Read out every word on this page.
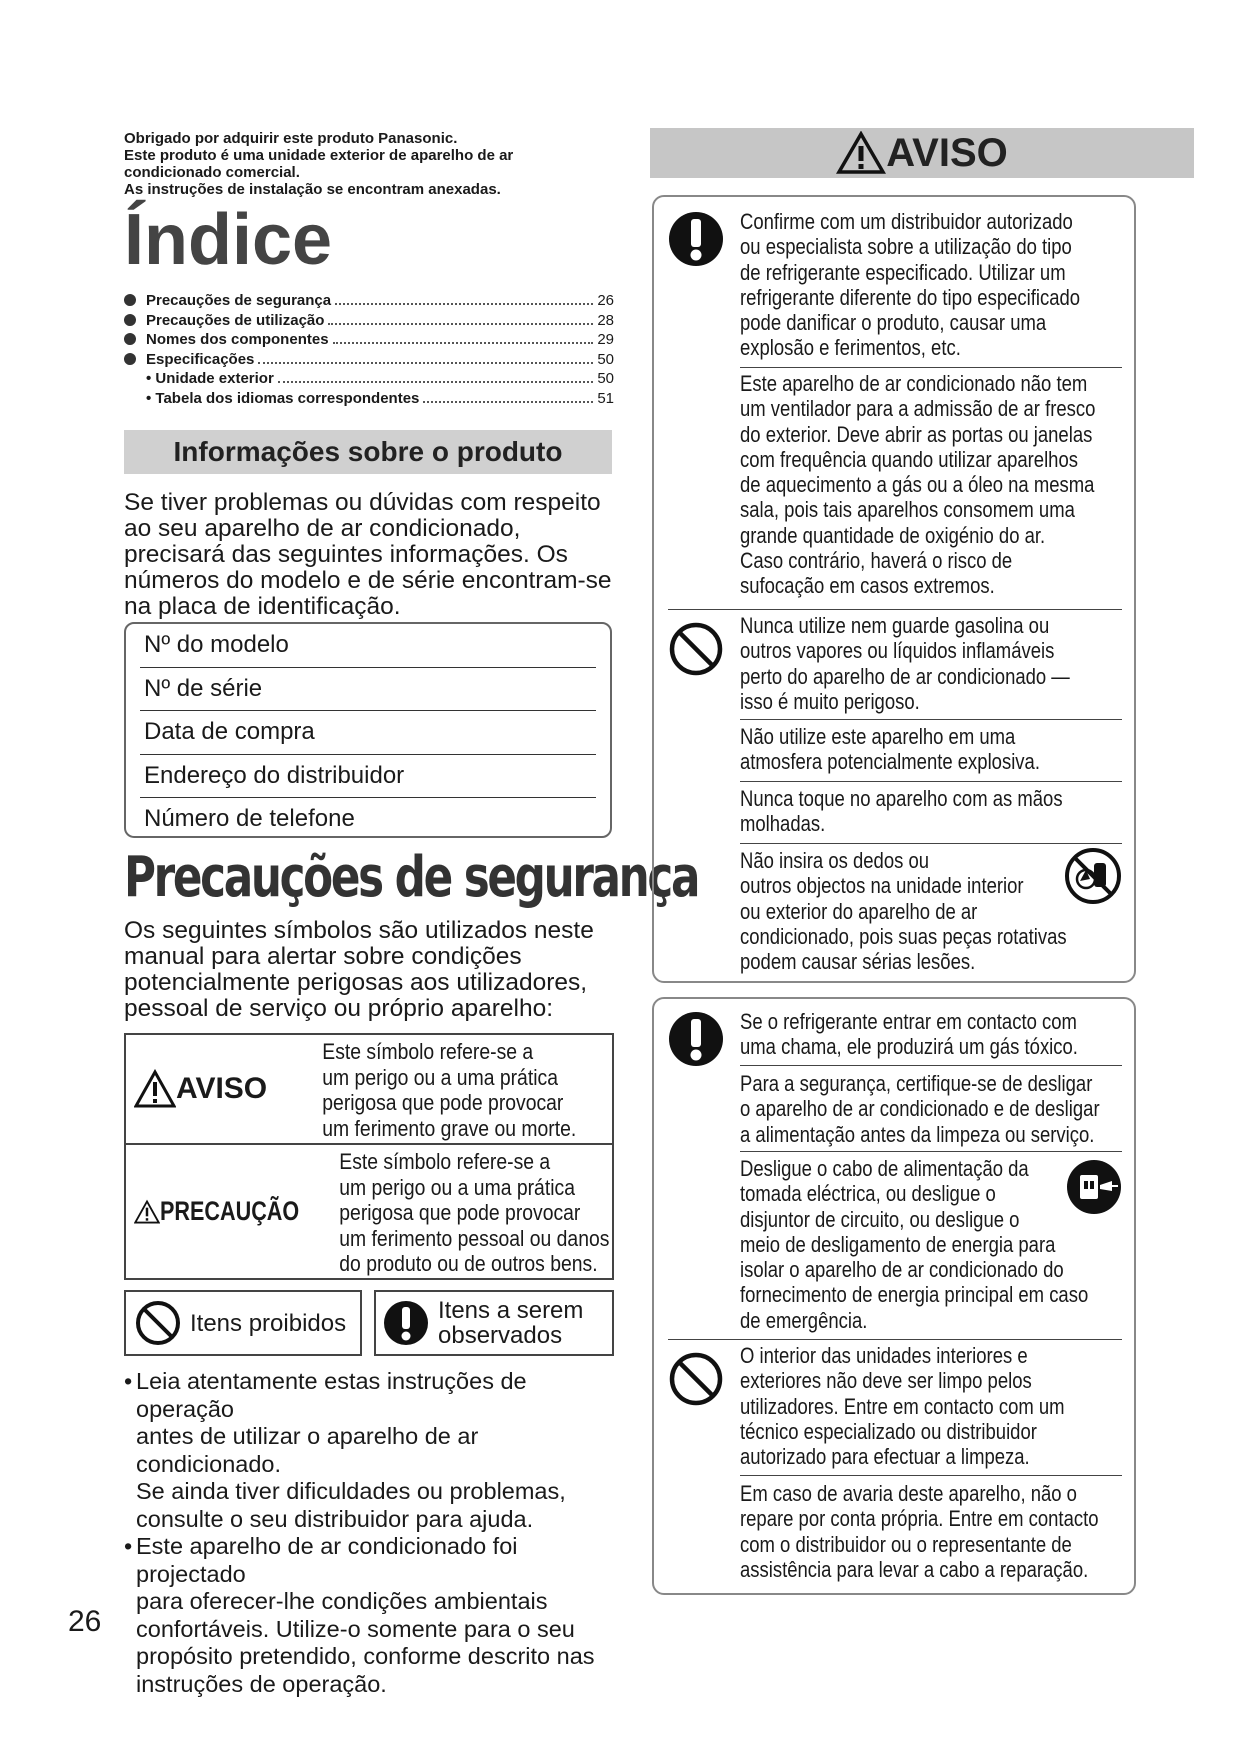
Obrigado por adquirir este produto Panasonic.
Este produto é uma unidade exterior de aparelho de ar
condicionado comercial.
As instruções de instalação se encontram anexadas.
Índice
Precauções de segurança	26
Precauções de utilização	28
Nomes dos componentes	29
Especificações	50
• Unidade exterior	50
• Tabela dos idiomas correspondentes	51
Informações sobre o produto
Se tiver problemas ou dúvidas com respeito ao seu aparelho de ar condicionado, precisará das seguintes informações. Os números do modelo e de série encontram-se na placa de identificação.
Nº do modelo
Nº de série
Data de compra
Endereço do distribuidor
Número de telefone
Precauções de segurança
Os seguintes símbolos são utilizados neste manual para alertar sobre condições potencialmente perigosas aos utilizadores, pessoal de serviço ou próprio aparelho:
AVISO
Este símbolo refere-se a
um perigo ou a uma prática
perigosa que pode provocar
um ferimento grave ou morte.
PRECAUÇÃO
Este símbolo refere-se a
um perigo ou a uma prática
perigosa que pode provocar
um ferimento pessoal ou danos
do produto ou de outros bens.
Itens proibidos	Itens a serem
observados
• Leia atentamente estas instruções de operação
antes de utilizar o aparelho de ar condicionado.
Se ainda tiver dificuldades ou problemas,
consulte o seu distribuidor para ajuda.
• Este aparelho de ar condicionado foi projectado
para oferecer-lhe condições ambientais
confortáveis. Utilize-o somente para o seu
propósito pretendido, conforme descrito nas
instruções de operação.
26
AVISO
Confirme com um distribuidor autorizado
ou especialista sobre a utilização do tipo
de refrigerante especificado. Utilizar um
refrigerante diferente do tipo especificado
pode danificar o produto, causar uma
explosão e ferimentos, etc.
Este aparelho de ar condicionado não tem
um ventilador para a admissão de ar fresco
do exterior. Deve abrir as portas ou janelas
com frequência quando utilizar aparelhos
de aquecimento a gás ou a óleo na mesma
sala, pois tais aparelhos consomem uma
grande quantidade de oxigénio do ar.
Caso contrário, haverá o risco de
sufocação em casos extremos.
Nunca utilize nem guarde gasolina ou
outros vapores ou líquidos inflamáveis
perto do aparelho de ar condicionado —
isso é muito perigoso.
Não utilize este aparelho em uma
atmosfera potencialmente explosiva.
Nunca toque no aparelho com as mãos
molhadas.
Não insira os dedos ou
outros objectos na unidade interior
ou exterior do aparelho de ar
condicionado, pois suas peças rotativas
podem causar sérias lesões.
Se o refrigerante entrar em contacto com
uma chama, ele produzirá um gás tóxico.
Para a segurança, certifique-se de desligar
o aparelho de ar condicionado e de desligar
a alimentação antes da limpeza ou serviço.
Desligue o cabo de alimentação da
tomada eléctrica, ou desligue o
disjuntor de circuito, ou desligue o
meio de desligamento de energia para
isolar o aparelho de ar condicionado do
fornecimento de energia principal em caso
de emergência.
O interior das unidades interiores e
exteriores não deve ser limpo pelos
utilizadores. Entre em contacto com um
técnico especializado ou distribuidor
autorizado para efectuar a limpeza.
Em caso de avaria deste aparelho, não o
repare por conta própria. Entre em contacto
com o distribuidor ou o representante de
assistência para levar a cabo a reparação.
